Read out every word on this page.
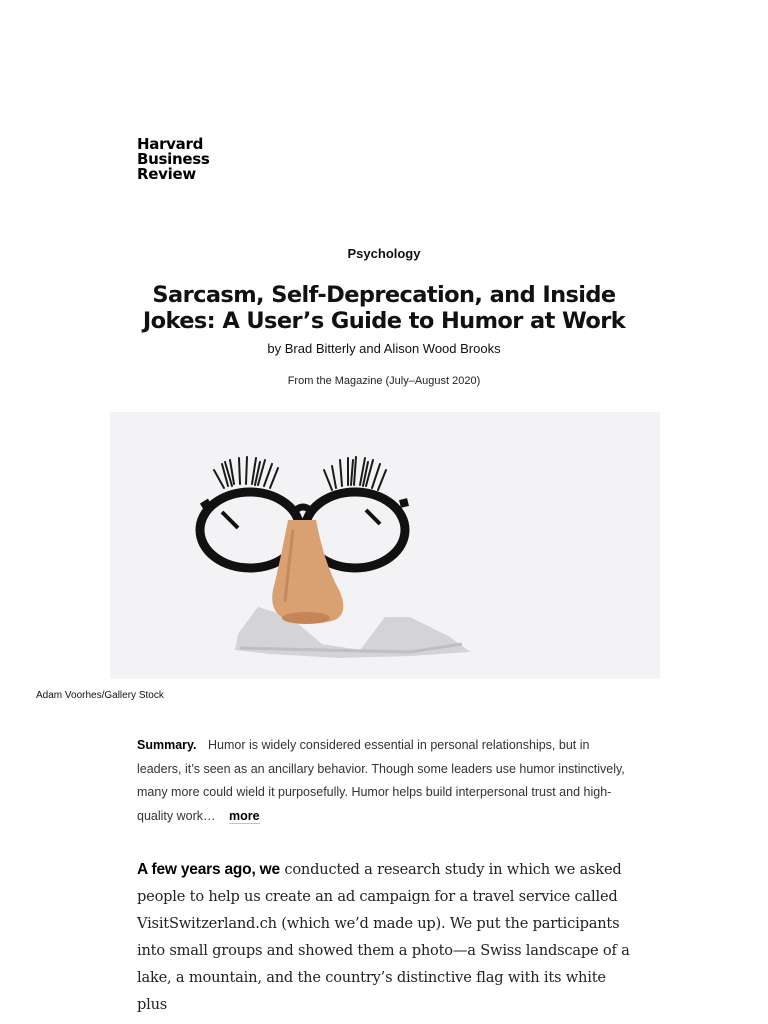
Harvard
Business
Review
Psychology
Sarcasm, Self-Deprecation, and Inside
Jokes: A User’s Guide to Humor at Work
by Brad Bitterly and Alison Wood Brooks
From the Magazine (July–August 2020)
Adam Voorhes/Gallery Stock
Summary. Humor is widely considered essential in personal relationships, but in leaders, it’s seen as an ancillary behavior. Though some leaders use humor instinctively, many more could wield it purposefully. Humor helps build interpersonal trust and high-quality work… more

A few years ago, we conducted a research study in which we asked people to help us create an ad campaign for a travel service called VisitSwitzerland.ch (which we’d made up). We put the participants into small groups and showed them a photo—a Swiss landscape of a lake, a mountain, and the country’s distinctive flag with its white plus
